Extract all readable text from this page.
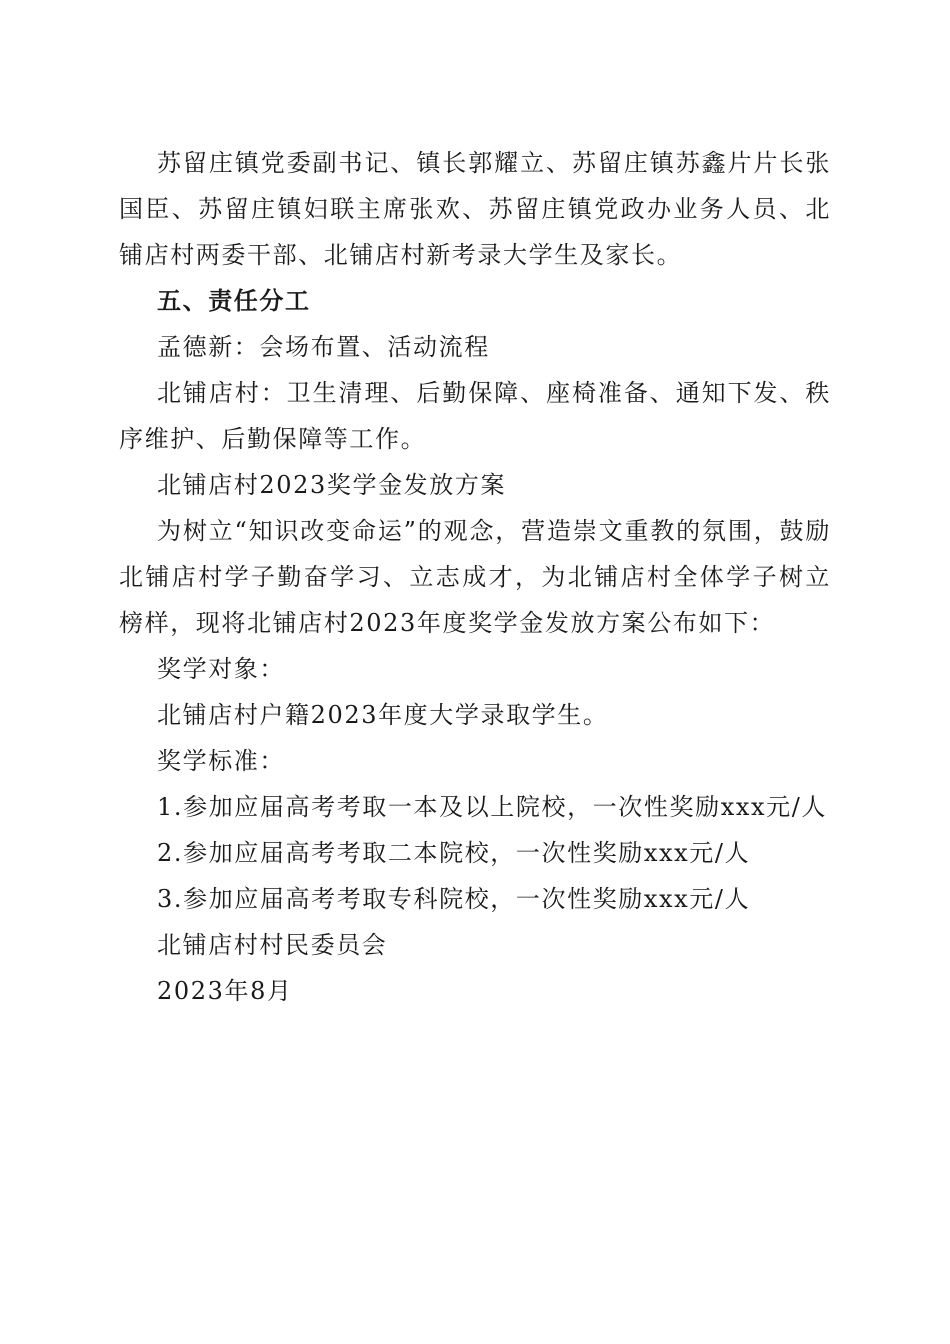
苏留庄镇党委副书记、镇长郭耀立、苏留庄镇苏鑫片片长张国臣、苏留庄镇妇联主席张欢、苏留庄镇党政办业务人员、北铺店村两委干部、北铺店村新考录大学生及家长。

五、责任分工

孟德新：会场布置、活动流程

北铺店村：卫生清理、后勤保障、座椅准备、通知下发、秩序维护、后勤保障等工作。

北铺店村2023奖学金发放方案

为树立“知识改变命运”的观念，营造崇文重教的氛围，鼓励北铺店村学子勤奋学习、立志成才，为北铺店村全体学子树立榜样，现将北铺店村2023年度奖学金发放方案公布如下：

奖学对象：

北铺店村户籍2023年度大学录取学生。

奖学标准：

1.参加应届高考考取一本及以上院校，一次性奖励xxx元/人

2.参加应届高考考取二本院校，一次性奖励xxx元/人

3.参加应届高考考取专科院校，一次性奖励xxx元/人

北铺店村村民委员会

2023年8月
